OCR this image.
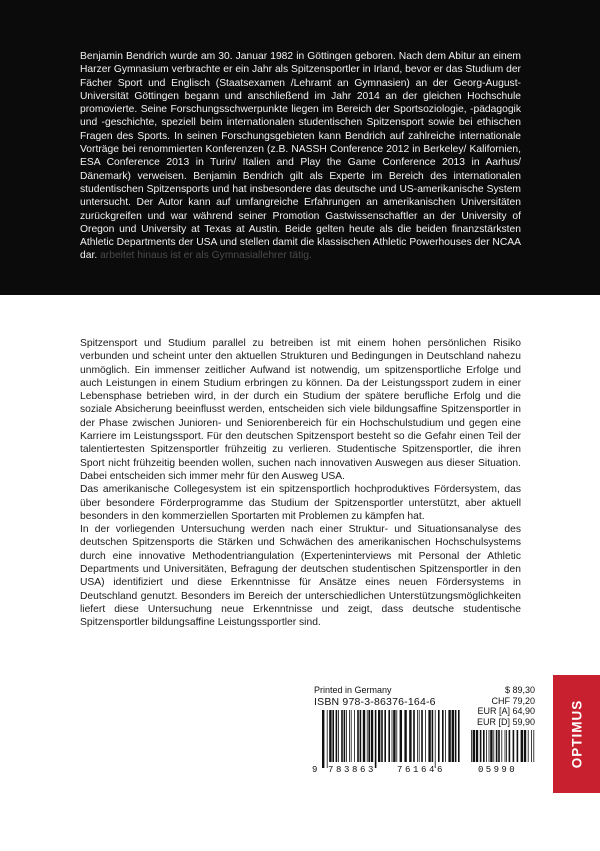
Benjamin Bendrich wurde am 30. Januar 1982 in Göttingen geboren. Nach dem Abitur an einem Harzer Gymnasium verbrachte er ein Jahr als Spitzensportler in Irland, bevor er das Studium der Fächer Sport und Englisch (Staatsexamen /Lehramt an Gymnasien) an der Georg-August-Universität Göttingen begann und anschließend im Jahr 2014 an der gleichen Hochschule promovierte. Seine Forschungsschwerpunkte liegen im Bereich der Sportsoziologie, -pädagogik und -geschichte, speziell beim internationalen studentischen Spitzensport sowie bei ethischen Fragen des Sports. In seinen Forschungsgebieten kann Bendrich auf zahlreiche internationale Vorträge bei renommierten Konferenzen (z.B. NASSH Conference 2012 in Berkeley/ Kalifornien, ESA Conference 2013 in Turin/ Italien and Play the Game Conference 2013 in Aarhus/ Dänemark) verweisen. Benjamin Bendrich gilt als Experte im Bereich des internationalen studentischen Spitzensports und hat insbesondere das deutsche und US-amerikanische System untersucht. Der Autor kann auf umfangreiche Erfahrungen an amerikanischen Universitäten zurückgreifen und war während seiner Promotion Gastwissenschaftler an der University of Oregon und University at Texas at Austin. Beide gelten heute als die beiden finanzstärksten Athletic Departments der USA und stellen damit die klassischen Athletic Powerhouses der NCAA dar. arbeitet hinaus ist er als Gymnasiallehrer tätig.

Spitzensport und Studium parallel zu betreiben ist mit einem hohen persönlichen Risiko verbunden und scheint unter den aktuellen Strukturen und Bedingungen in Deutschland nahezu unmöglich. Ein immenser zeitlicher Aufwand ist notwendig, um spitzensportliche Erfolge und auch Leistungen in einem Studium erbringen zu können. Da der Leistungssport zudem in einer Lebensphase betrieben wird, in der durch ein Studium der spätere berufliche Erfolg und die soziale Absicherung beeinflusst werden, entscheiden sich viele bildungsaffine Spitzensportler in der Phase zwischen Junioren- und Seniorenbereich für ein Hochschulstudium und gegen eine Karriere im Leistungssport. Für den deutschen Spitzensport besteht so die Gefahr einen Teil der talentiertesten Spitzensportler frühzeitig zu verlieren. Studentische Spitzensportler, die ihren Sport nicht frühzeitig beenden wollen, suchen nach innovativen Auswegen aus dieser Situation. Dabei entscheiden sich immer mehr für den Ausweg USA.

Das amerikanische Collegesystem ist ein spitzensportlich hochproduktives Fördersystem, das über besondere Förderprogramme das Studium der Spitzensportler unterstützt, aber aktuell besonders in den kommerziellen Sportarten mit Problemen zu kämpfen hat.

In der vorliegenden Untersuchung werden nach einer Struktur- und Situationsanalyse des deutschen Spitzensports die Stärken und Schwächen des amerikanischen Hochschulsystems durch eine innovative Methodentriangulation (Experteninterviews mit Personal der Athletic Departments und Universitäten, Befragung der deutschen studentischen Spitzensportler in den USA) identifiziert und diese Erkenntnisse für Ansätze eines neuen Fördersystems in Deutschland genutzt. Besonders im Bereich der unterschiedlichen Unterstützungsmöglichkeiten liefert diese Untersuchung neue Erkenntnisse und zeigt, dass deutsche studentische Spitzensportler bildungsaffine Leistungssportler sind.

Printed in Germany
ISBN 978-3-86376-164-6
$ 89,30
CHF 79,20
EUR [A] 64,90
EUR [D] 59,90
9 783863 761646	05990
OPTIMUS
